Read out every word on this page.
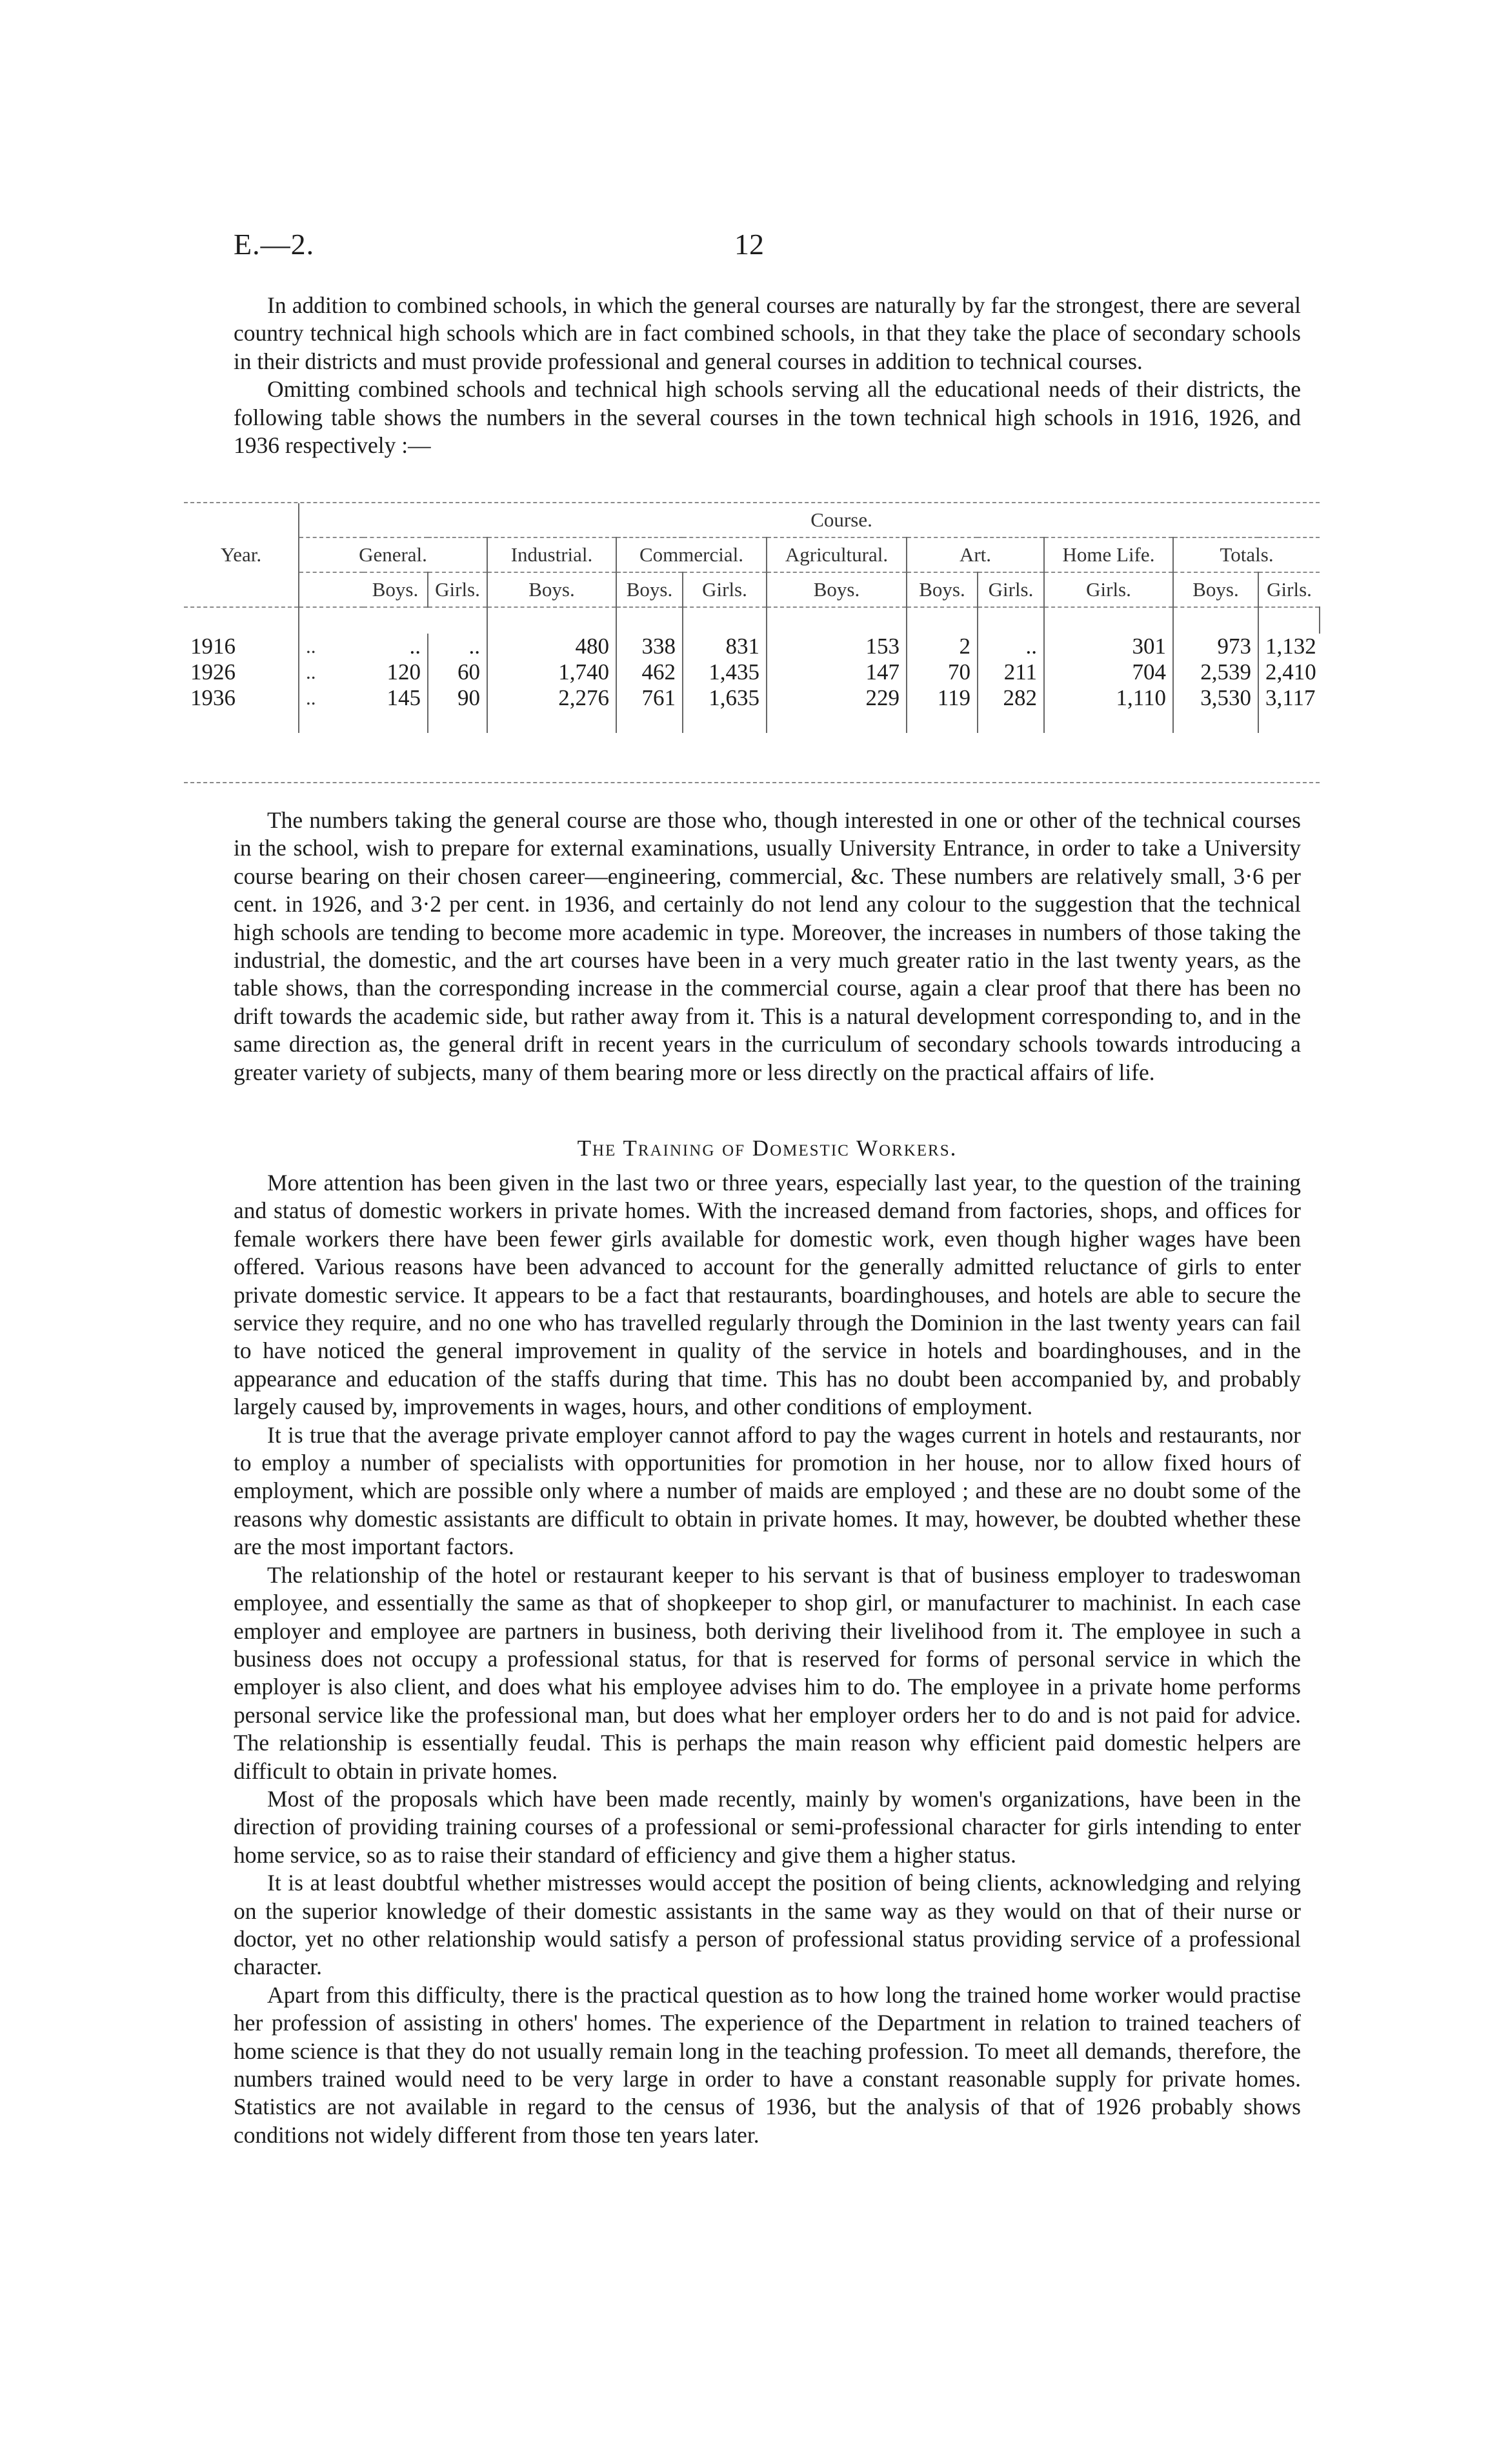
E.—2.	12

In addition to combined schools, in which the general courses are naturally by far the strongest, there are several country technical high schools which are in fact combined schools, in that they take the place of secondary schools in their districts and must provide professional and general courses in addition to technical courses.

Omitting combined schools and technical high schools serving all the educational needs of their districts, the following table shows the numbers in the several courses in the town technical high schools in 1916, 1926, and 1936 respectively :—

Year.		Course.											
	General.			Industrial.	Commercial.		Agricultural.	Art.		Home Life.	Totals.		
		Boys.	Girls.	Boys.	Boys.	Girls.	Boys.	Boys.	Girls.	Girls.	Boys.	Girls.	

1916	..	..	..	480	338	831	153	2	..	301	973	1,132	
1926	..	120	60	1,740	462	1,435	147	70	211	704	2,539	2,410	
1936	..	145	90	2,276	761	1,635	229	119	282	1,110	3,530	3,117	

The numbers taking the general course are those who, though interested in one or other of the technical courses in the school, wish to prepare for external examinations, usually University Entrance, in order to take a University course bearing on their chosen career—engineering, commercial, &c. These numbers are relatively small, 3·6 per cent. in 1926, and 3·2 per cent. in 1936, and certainly do not lend any colour to the suggestion that the technical high schools are tending to become more academic in type. Moreover, the increases in numbers of those taking the industrial, the domestic, and the art courses have been in a very much greater ratio in the last twenty years, as the table shows, than the corresponding increase in the commercial course, again a clear proof that there has been no drift towards the academic side, but rather away from it. This is a natural development corresponding to, and in the same direction as, the general drift in recent years in the curriculum of secondary schools towards introducing a greater variety of subjects, many of them bearing more or less directly on the practical affairs of life.

The Training of Domestic Workers.

More attention has been given in the last two or three years, especially last year, to the question of the training and status of domestic workers in private homes. With the increased demand from factories, shops, and offices for female workers there have been fewer girls available for domestic work, even though higher wages have been offered. Various reasons have been advanced to account for the generally admitted reluctance of girls to enter private domestic service. It appears to be a fact that restaurants, boardinghouses, and hotels are able to secure the service they require, and no one who has travelled regularly through the Dominion in the last twenty years can fail to have noticed the general improvement in quality of the service in hotels and boardinghouses, and in the appearance and education of the staffs during that time. This has no doubt been accompanied by, and probably largely caused by, improvements in wages, hours, and other conditions of employment.

It is true that the average private employer cannot afford to pay the wages current in hotels and restaurants, nor to employ a number of specialists with opportunities for promotion in her house, nor to allow fixed hours of employment, which are possible only where a number of maids are employed ; and these are no doubt some of the reasons why domestic assistants are difficult to obtain in private homes. It may, however, be doubted whether these are the most important factors.

The relationship of the hotel or restaurant keeper to his servant is that of business employer to tradeswoman employee, and essentially the same as that of shopkeeper to shop girl, or manufacturer to machinist. In each case employer and employee are partners in business, both deriving their livelihood from it. The employee in such a business does not occupy a professional status, for that is reserved for forms of personal service in which the employer is also client, and does what his employee advises him to do. The employee in a private home performs personal service like the professional man, but does what her employer orders her to do and is not paid for advice. The relationship is essentially feudal. This is perhaps the main reason why efficient paid domestic helpers are difficult to obtain in private homes.

Most of the proposals which have been made recently, mainly by women's organizations, have been in the direction of providing training courses of a professional or semi-professional character for girls intending to enter home service, so as to raise their standard of efficiency and give them a higher status.

It is at least doubtful whether mistresses would accept the position of being clients, acknowledging and relying on the superior knowledge of their domestic assistants in the same way as they would on that of their nurse or doctor, yet no other relationship would satisfy a person of professional status providing service of a professional character.

Apart from this difficulty, there is the practical question as to how long the trained home worker would practise her profession of assisting in others' homes. The experience of the Department in relation to trained teachers of home science is that they do not usually remain long in the teaching profession. To meet all demands, therefore, the numbers trained would need to be very large in order to have a constant reasonable supply for private homes. Statistics are not available in regard to the census of 1936, but the analysis of that of 1926 probably shows conditions not widely different from those ten years later.
